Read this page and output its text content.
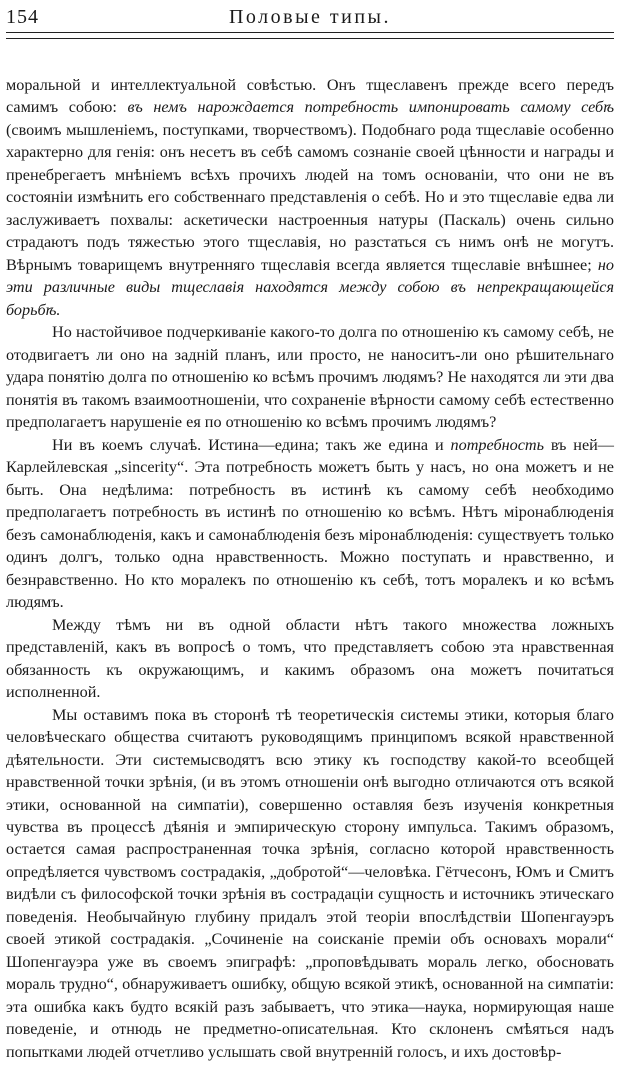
154	Половые типы.

моральной и интеллектуальной совѣстью. Онъ тщеславенъ прежде всего передъ самимъ собою: въ немъ нарождается потребность импонировать самому себѣ (своимъ мышленіемъ, поступками, творчествомъ). Подобнаго рода тщеславіе особенно характерно для генія: онъ несетъ въ себѣ самомъ сознаніе своей цѣнности и награды и пренебрегаетъ мнѣніемъ всѣхъ прочихъ людей на томъ основаніи, что они не въ состояніи измѣнить его собственнаго представленія о себѣ. Но и это тщеславіе едва ли заслуживаетъ похвалы: аскетически настроенныя натуры (Паскаль) очень сильно страдаютъ подъ тяжестью этого тщеславія, но разстаться съ нимъ онѣ не могутъ. Вѣрнымъ товарищемъ внутренняго тщеславія всегда является тщеславіе внѣшнее; но эти различные виды тщеславія находятся между собою въ непрекращающейся борьбѣ.

Но настойчивое подчеркиваніе какого-то долга по отношенію къ самому себѣ, не отодвигаетъ ли оно на задній планъ, или просто, не наноситъ-ли оно рѣшительнаго удара понятію долга по отношенію ко всѣмъ прочимъ людямъ? Не находятся ли эти два понятія въ такомъ взаимоотношеніи, что сохраненіе вѣрности самому себѣ естественно предполагаетъ нарушеніе ея по отношенію ко всѣмъ прочимъ людямъ?

Ни въ коемъ случаѣ. Истина—едина; такъ же едина и потребность въ ней—Карлейлевская „sincerity“. Эта потребность можетъ быть у насъ, но она можетъ и не быть. Она недѣлима: потребность въ истинѣ къ самому себѣ необходимо предполагаетъ потребность въ истинѣ по отношенію ко всѣмъ. Нѣтъ міронаблюденія безъ самонаблюденія, какъ и самонаблюденія безъ міронаблюденія: существуетъ только одинъ долгъ, только одна нравственность. Можно поступать и нравственно, и безнравственно. Но кто моралекъ по отношенію къ себѣ, тотъ моралекъ и ко всѣмъ людямъ.

Между тѣмъ ни въ одной области нѣтъ такого множества ложныхъ представленій, какъ въ вопросѣ о томъ, что представляетъ собою эта нравственная обязанность къ окружающимъ, и какимъ образомъ она можетъ почитаться исполненной.

Мы оставимъ пока въ сторонѣ тѣ теоретическія системы этики, которыя благо человѣческаго общества считаютъ руководящимъ принципомъ всякой нравственной дѣятельности. Эти системысводятъ всю этику къ господству какой-то всеобщей нравственной точки зрѣнія, (и въ этомъ отношеніи онѣ выгодно отличаются отъ всякой этики, основанной на симпатіи), совершенно оставляя безъ изученія конкретныя чувства въ процессѣ дѣянія и эмпирическую сторону импульса. Такимъ образомъ, остается самая распространенная точка зрѣнія, согласно которой нравственность опредѣляется чувствомъ сострадакія, „добротой“—человѣка. Гётчесонъ, Юмъ и Смитъ видѣли съ философской точки зрѣнія въ сострадаціи сущность и источникъ этическаго поведенія. Необычайную глубину придалъ этой теоріи впослѣдствіи Шопенгауэръ своей этикой сострадакія. „Сочиненіе на соисканіе преміи объ основахъ морали“ Шопенгауэра уже въ своемъ эпиграфѣ: „проповѣдывать мораль легко, обосновать мораль трудно“, обнаруживаетъ ошибку, общую всякой этикѣ, основанной на симпатіи: эта ошибка какъ будто всякій разъ забываетъ, что этика—наука, нормирующая наше поведеніе, и отнюдь не предметно-описательная. Кто склоненъ смѣяться надъ попытками людей отчетливо услышать свой внутренній голосъ, и ихъ достовѣр-
